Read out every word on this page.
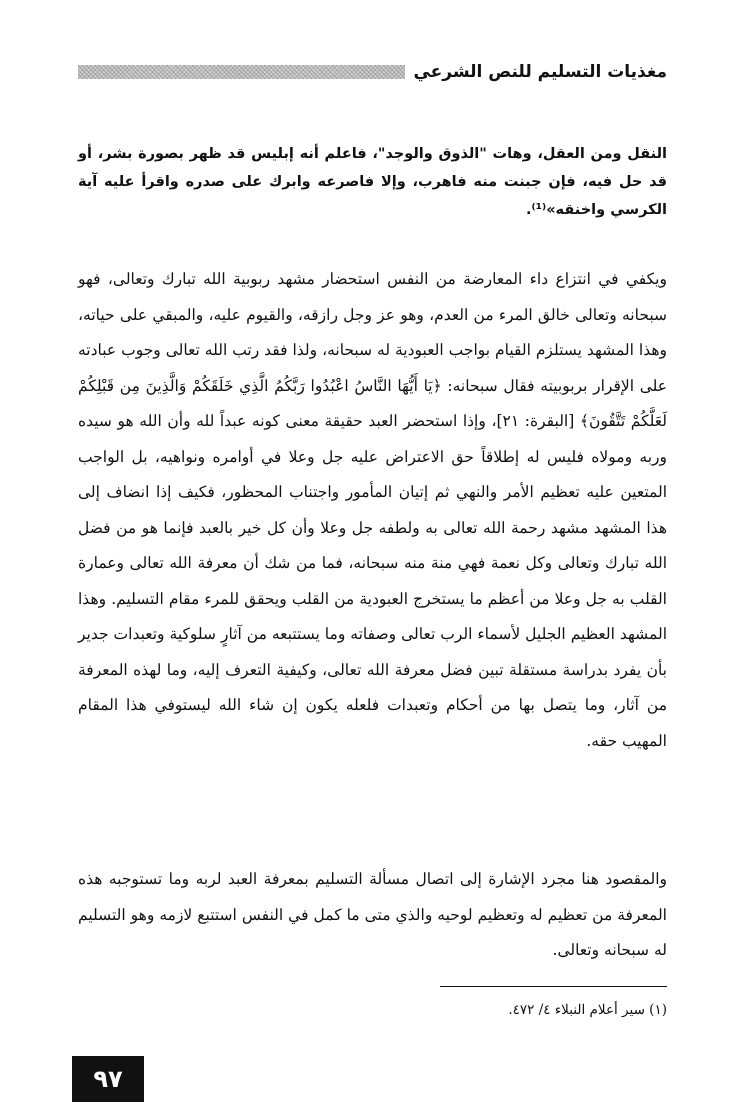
مغذيات التسليم للنص الشرعي
النقل ومن العقل، وهات "الذوق والوجد"، فاعلم أنه إبليس قد ظهر بصورة بشر، أو قد حل فيه، فإن جبنت منه فاهرب، وإلا فاصرعه وابرك على صدره واقرأ عليه آية الكرسي واخنقه»⁽¹⁾.
ويكفي في انتزاع داء المعارضة من النفس استحضار مشهد ربوبية الله تبارك وتعالى، فهو سبحانه وتعالى خالق المرء من العدم، وهو عز وجل رازقه، والقيوم عليه، والمبقي على حياته، وهذا المشهد يستلزم القيام بواجب العبودية له سبحانه، ولذا فقد رتب الله تعالى وجوب عبادته على الإقرار بربوبيته فقال سبحانه: ﴿يَا أَيُّهَا النَّاسُ اعْبُدُوا رَبَّكُمُ الَّذِي خَلَقَكُمْ وَالَّذِينَ مِن قَبْلِكُمْ لَعَلَّكُمْ تَتَّقُونَ﴾ [البقرة: ٢١]، وإذا استحضر العبد حقيقة معنى كونه عبداً لله وأن الله هو سيده وربه ومولاه فليس له إطلاقاً حق الاعتراض عليه جل وعلا في أوامره ونواهيه، بل الواجب المتعين عليه تعظيم الأمر والنهي ثم إتيان المأمور واجتناب المحظور، فكيف إذا انضاف إلى هذا المشهد مشهد رحمة الله تعالى به ولطفه جل وعلا وأن كل خير بالعبد فإنما هو من فضل الله تبارك وتعالى وكل نعمة فهي منة منه سبحانه، فما من شك أن معرفة الله تعالى وعمارة القلب به جل وعلا من أعظم ما يستخرج العبودية من القلب ويحقق للمرء مقام التسليم. وهذا المشهد العظيم الجليل لأسماء الرب تعالى وصفاته وما يستتبعه من آثارٍ سلوكية وتعبدات جدير بأن يفرد بدراسة مستقلة تبين فضل معرفة الله تعالى، وكيفية التعرف إليه، وما لهذه المعرفة من آثار، وما يتصل بها من أحكام وتعبدات فلعله يكون إن شاء الله ليستوفي هذا المقام المهيب حقه.
والمقصود هنا مجرد الإشارة إلى اتصال مسألة التسليم بمعرفة العبد لربه وما تستوجبه هذه المعرفة من تعظيم له وتعظيم لوحيه والذي متى ما كمل في النفس استتبع لازمه وهو التسليم له سبحانه وتعالى.
(١) سير أعلام النبلاء ٤/ ٤٧٢.
٩٧
